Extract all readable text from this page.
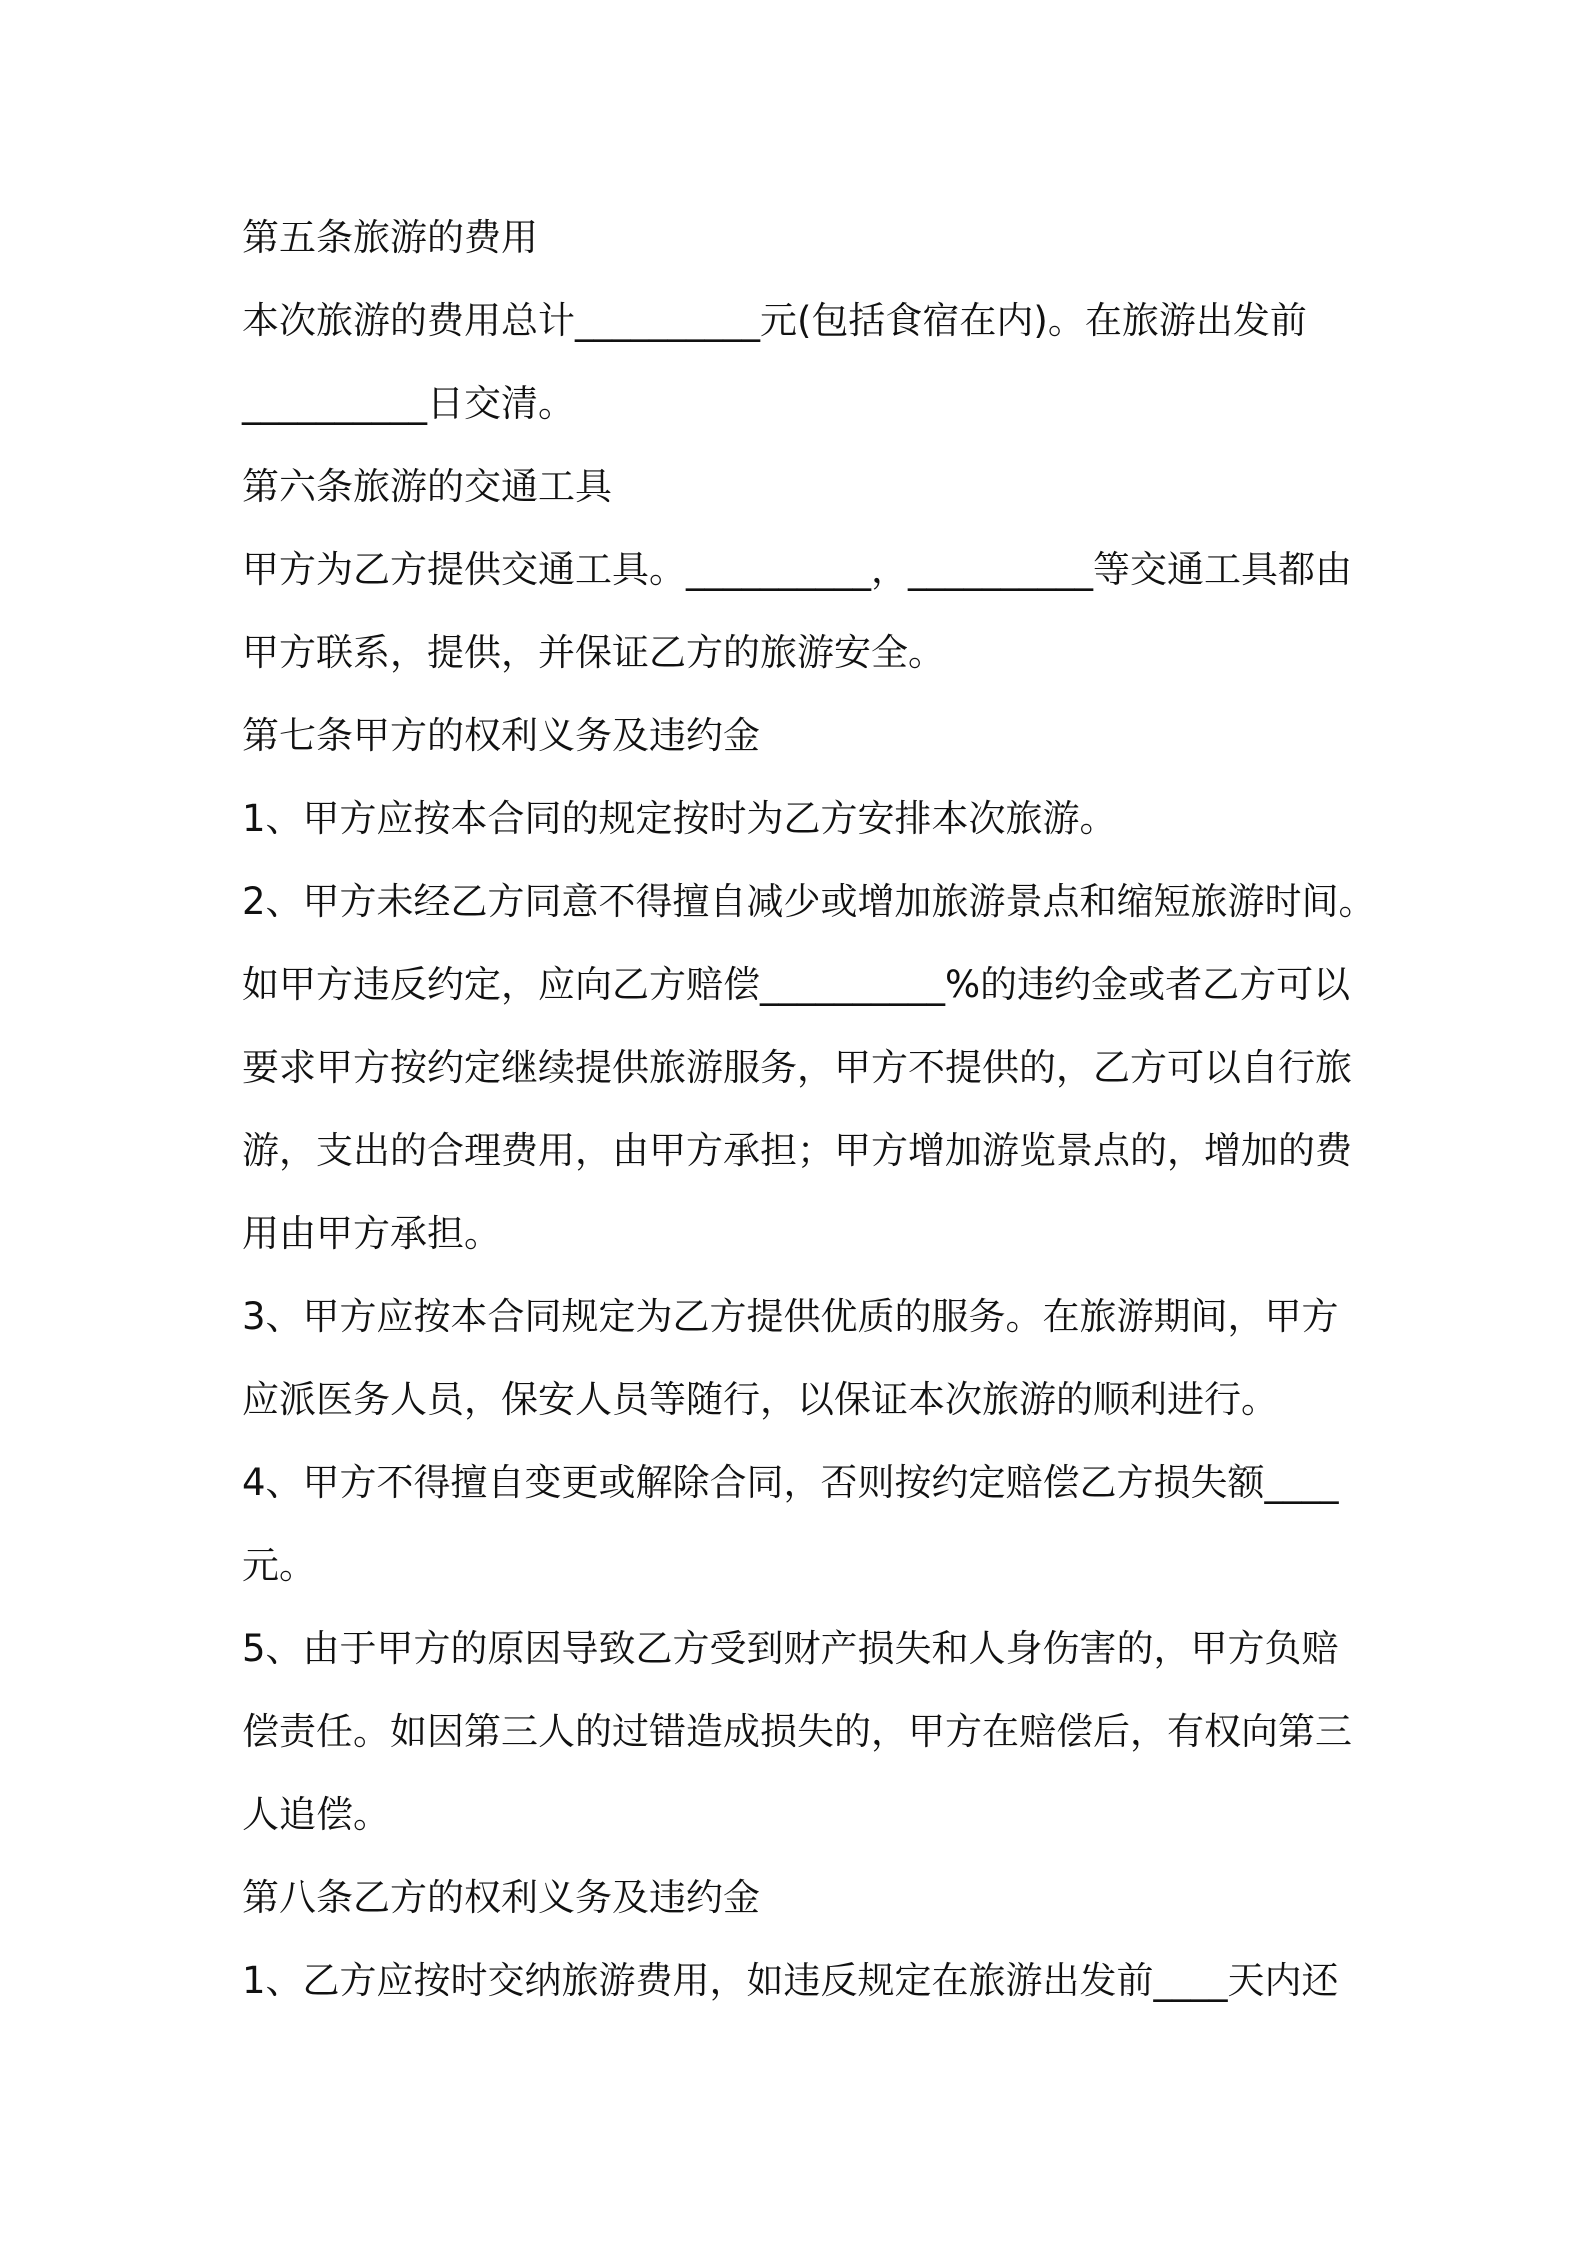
第五条旅游的费用
本次旅游的费用总计__________元(包括食宿在内)。在旅游出发前
__________日交清。
第六条旅游的交通工具
甲方为乙方提供交通工具。__________，__________等交通工具都由
甲方联系，提供，并保证乙方的旅游安全。
第七条甲方的权利义务及违约金
1、甲方应按本合同的规定按时为乙方安排本次旅游。
2、甲方未经乙方同意不得擅自减少或增加旅游景点和缩短旅游时间。
如甲方违反约定，应向乙方赔偿__________%的违约金或者乙方可以
要求甲方按约定继续提供旅游服务，甲方不提供的，乙方可以自行旅
游，支出的合理费用，由甲方承担；甲方增加游览景点的，增加的费
用由甲方承担。
3、甲方应按本合同规定为乙方提供优质的服务。在旅游期间，甲方
应派医务人员，保安人员等随行，以保证本次旅游的顺利进行。
4、甲方不得擅自变更或解除合同，否则按约定赔偿乙方损失额____
元。
5、由于甲方的原因导致乙方受到财产损失和人身伤害的，甲方负赔
偿责任。如因第三人的过错造成损失的，甲方在赔偿后，有权向第三
人追偿。
第八条乙方的权利义务及违约金
1、乙方应按时交纳旅游费用，如违反规定在旅游出发前____天内还
